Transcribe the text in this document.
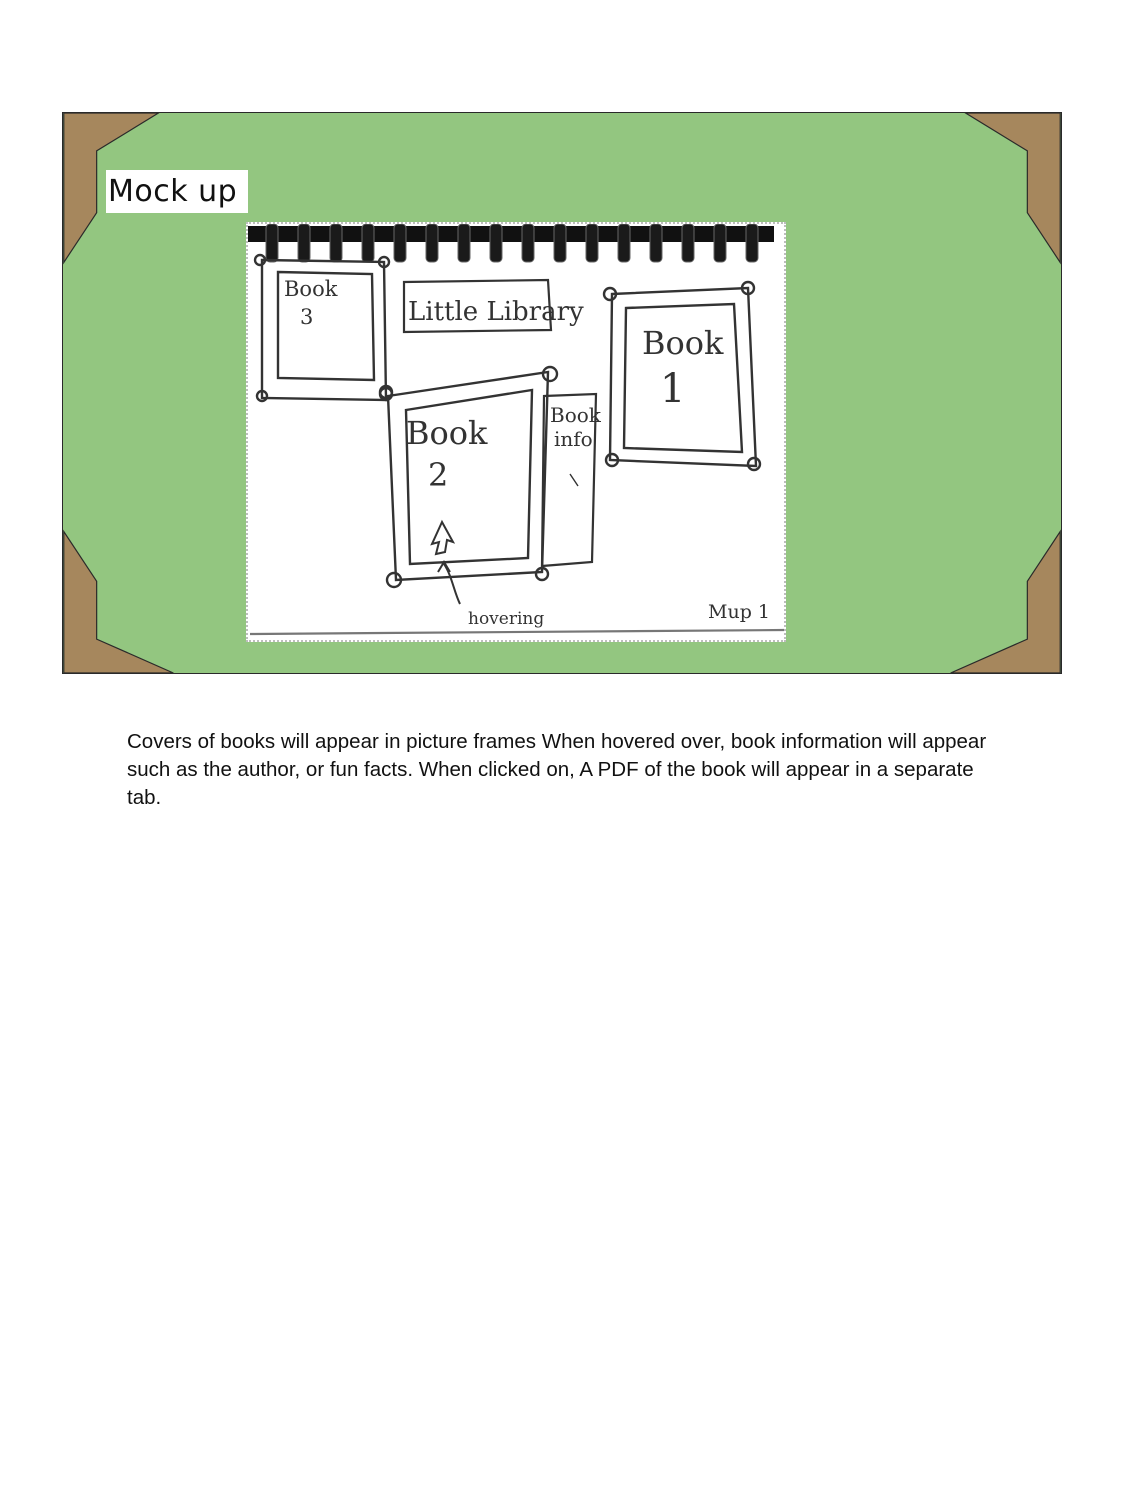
Mock up
Book
3	Little Library
Book
2
Book
info
Book
1
hovering	Mup 1
Covers of books will appear in picture frames When hovered over, book information will appear such as the author, or fun facts. When clicked on, A PDF of the book will appear in a separate tab.
